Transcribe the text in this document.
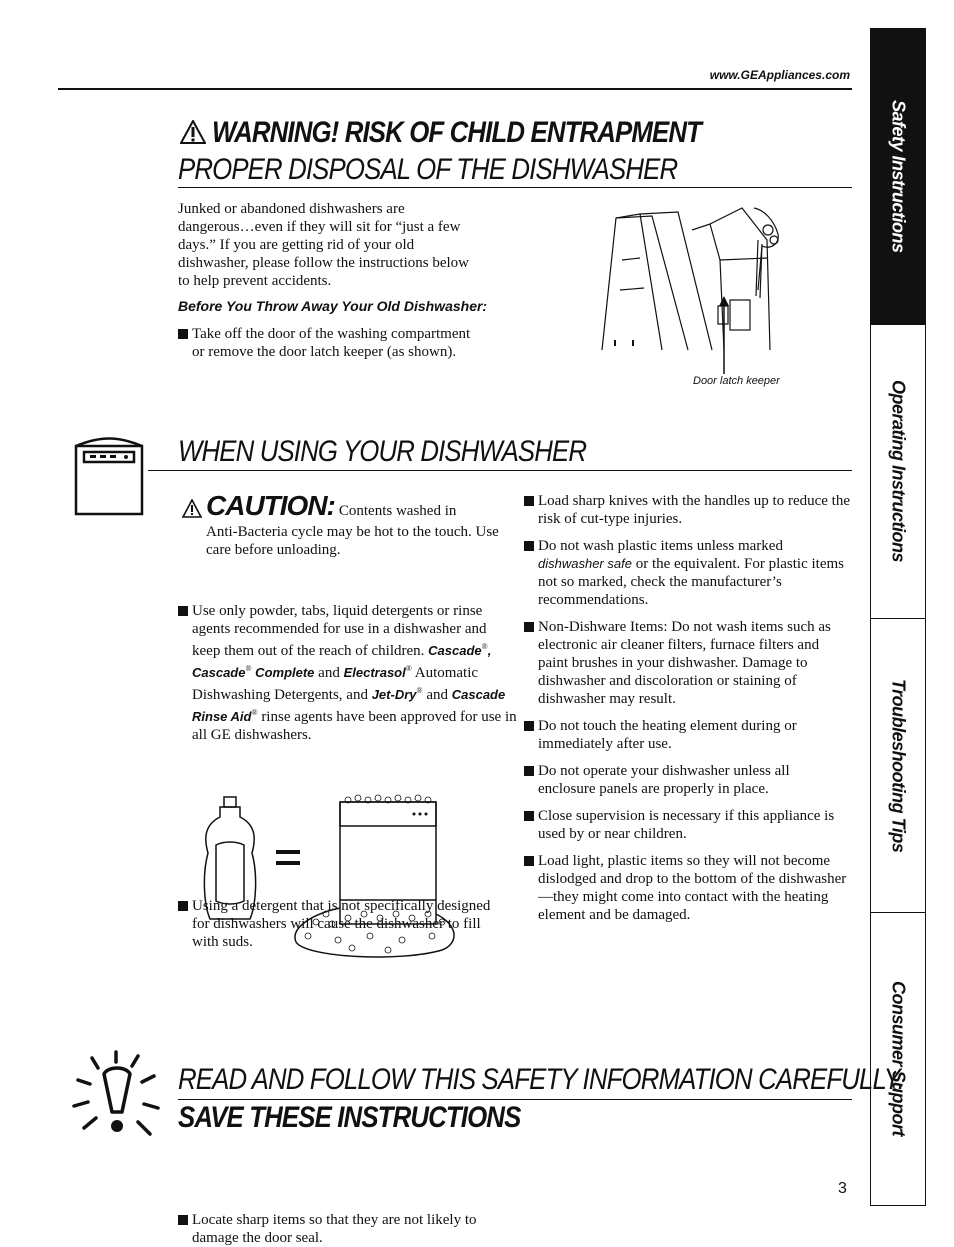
www.GEAppliances.com
WARNING! RISK OF CHILD ENTRAPMENT
PROPER DISPOSAL OF THE DISHWASHER

Junked or abandoned dishwashers are dangerous…even if they will sit for “just a few days.” If you are getting rid of your old dishwasher, please follow the instructions below to help prevent accidents.

Before You Throw Away Your Old Dishwasher:

Take off the door of the washing compartment or remove the door latch keeper (as shown).

Door latch keeper
WHEN USING YOUR DISHWASHER
CAUTION: Contents washed in

Anti-Bacteria cycle may be hot to the touch. Use care before unloading.

Use only powder, tabs, liquid detergents or rinse agents recommended for use in a dishwasher and keep them out of the reach of children. Cascade®, Cascade® Complete and Electrasol® Automatic Dishwashing Detergents, and Jet-Dry® and Cascade Rinse Aid® rinse agents have been approved for use in all GE dishwashers.

Using a detergent that is not specifically designed for dishwashers will cause the dishwasher to fill with suds.

Locate sharp items so that they are not likely to damage the door seal.

Load sharp knives with the handles up to reduce the risk of cut-type injuries.

Do not wash plastic items unless marked dishwasher safe or the equivalent. For plastic items not so marked, check the manufacturer’s recommendations.

Non-Dishware Items: Do not wash items such as electronic air cleaner filters, furnace filters and paint brushes in your dishwasher. Damage to dishwasher and discoloration or staining of dishwasher may result.

Do not touch the heating element during or immediately after use.

Do not operate your dishwasher unless all enclosure panels are properly in place.

Close supervision is necessary if this appliance is used by or near children.

Load light, plastic items so they will not become dislodged and drop to the bottom of the dishwasher—they might come into contact with the heating element and be damaged.

READ AND FOLLOW THIS SAFETY INFORMATION CAREFULLY.
SAVE THESE INSTRUCTIONS
3
Safety Instructions
Operating Instructions
Troubleshooting Tips
Consumer Support
